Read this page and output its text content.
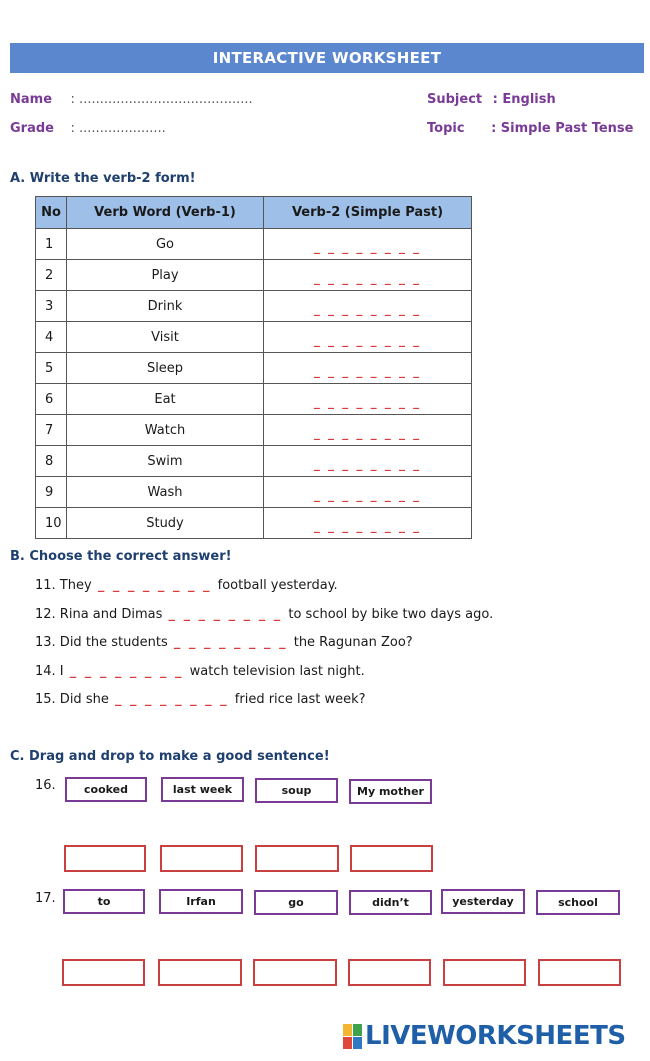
INTERACTIVE WORKSHEET
Name : ..........................................
Grade : .....................
Subject : English
Topic : Simple Past Tense
A. Write the verb-2 form!
No	Verb Word (Verb-1)	Verb-2 (Simple Past)
1	Go	_ _ _ _ _ _ _ _
2	Play	_ _ _ _ _ _ _ _
3	Drink	_ _ _ _ _ _ _ _
4	Visit	_ _ _ _ _ _ _ _
5	Sleep	_ _ _ _ _ _ _ _
6	Eat	_ _ _ _ _ _ _ _
7	Watch	_ _ _ _ _ _ _ _
8	Swim	_ _ _ _ _ _ _ _
9	Wash	_ _ _ _ _ _ _ _
10	Study	_ _ _ _ _ _ _ _
B. Choose the correct answer!
11. They _ _ _ _ _ _ _ _ football yesterday.
12. Rina and Dimas _ _ _ _ _ _ _ _ to school by bike two days ago.
13. Did the students _ _ _ _ _ _ _ _ the Ragunan Zoo?
14. I _ _ _ _ _ _ _ _ watch television last night.
15. Did she _ _ _ _ _ _ _ _ fried rice last week?
C. Drag and drop to make a good sentence!
16.	cooked	last week	soup	My mother
17.	to	Irfan	go	didn’t	yesterday	school
LIVEWORKSHEETS
